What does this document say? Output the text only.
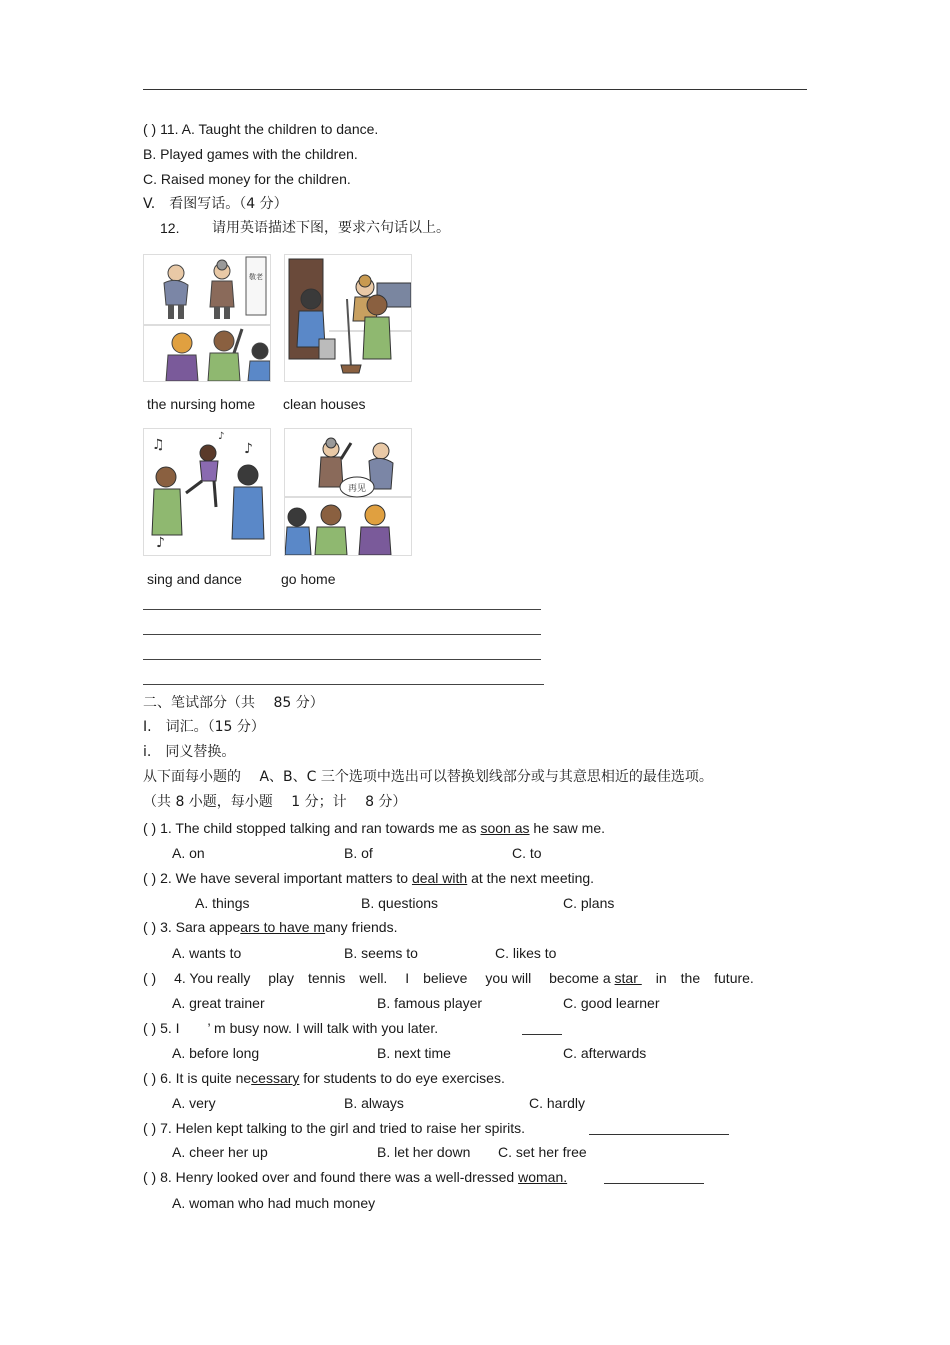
( ) 11. A. Taught the children to dance.
B. Played games with the children.
C. Raised money for the children.
V.　看图写话。（4 分）
12. 请用英语描述下图，要求六句话以上。
敬老
the nursing home clean houses
♫	♪
♪
♪
sing and dance
再见
go home
二、笔试部分（共　 85 分）
I.　词汇。（15 分）
i.　同义替换。
从下面每小题的　 A、B、C 三个选项中选出可以替换划线部分或与其意思相近的最佳选项。
（共 8 小题，每小题　 1 分；计　 8 分）
( ) 1. The child stopped talking and ran towards me as soon as he saw me.
A. on	B. of	C. to
( ) 2. We have several important matters to deal with at the next meeting.
A. things	B. questions	C. plans
( ) 3. Sara appears to have many friends.
A. wants to	B. seems to	C. likes to
( )　 4. You really　 play　tennis　well.　 I　believe　 you will　 become a star 　in　the　future.
A. great trainer	B. famous player	C. good learner
( ) 5. I　　’ m busy now. I will talk with you later.
A. before long	B. next time	C. afterwards
( ) 6. It is quite necessary for students to do eye exercises.
A. very	B. always	C. hardly
( ) 7. Helen kept talking to the girl and tried to raise her spirits.
A. cheer her up	B. let her down C. set her free
( ) 8. Henry looked over and found there was a well-dressed woman.
A. woman who had much money
